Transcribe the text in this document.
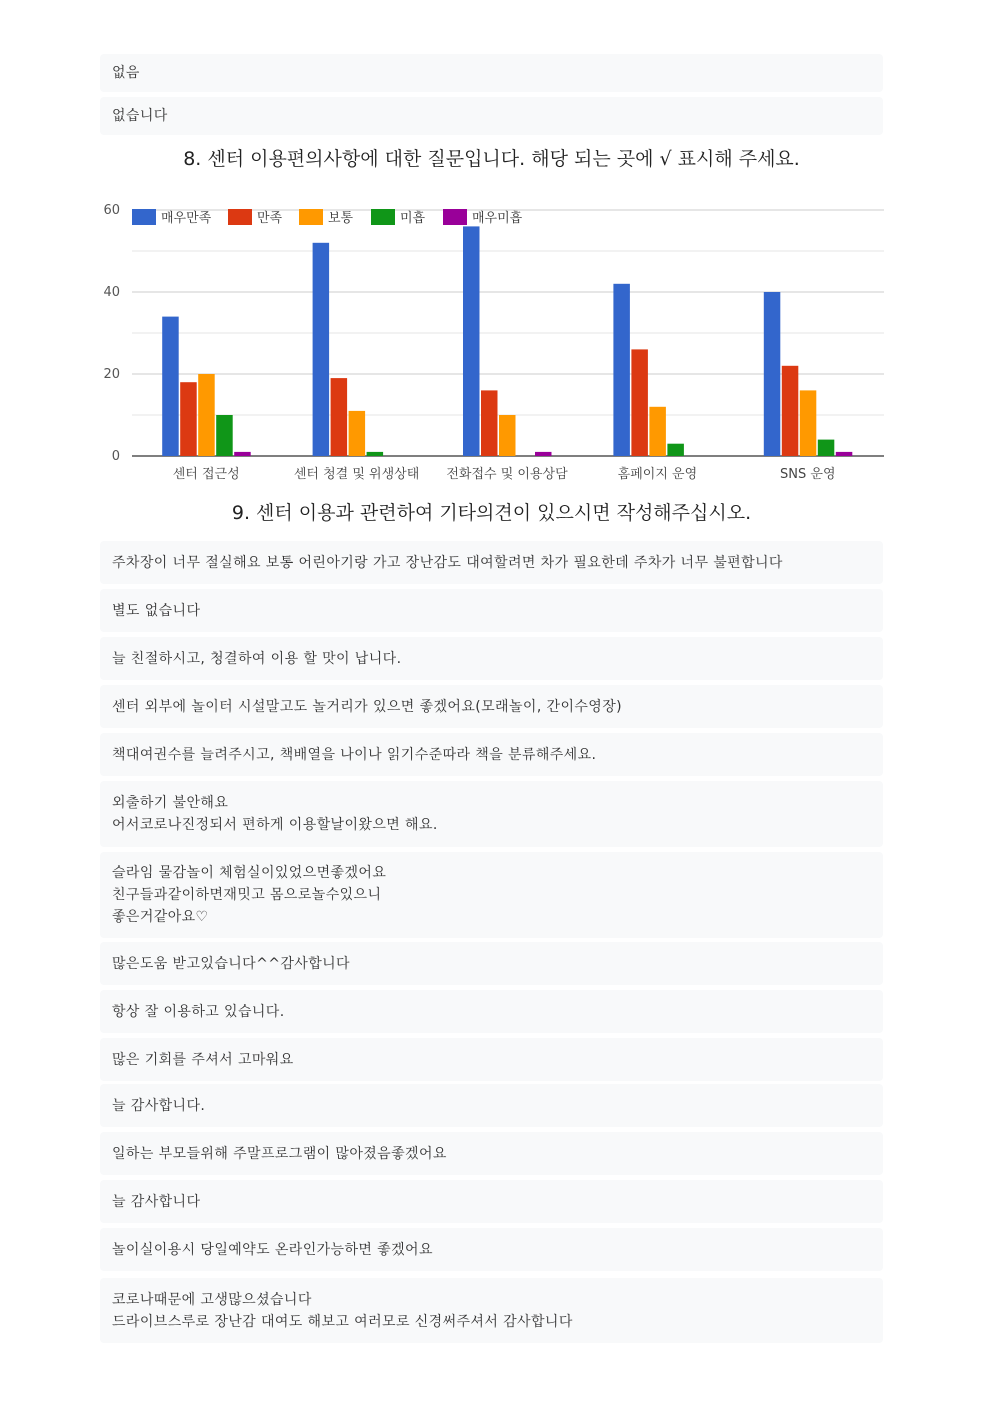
없음
없습니다
8. 센터 이용편의사항에 대한 질문입니다. 해당 되는 곳에 √ 표시해 주세요.
0
20
40
60
센터 접근성	센터 청결 및 위생상태 전화접수 및 이용상담	홈페이지 운영	SNS 운영
매우만족	만족	보통	미흡	매우미흡
9. 센터 이용과 관련하여 기타의견이 있으시면 작성해주십시오.
주차장이 너무 절실해요 보통 어린아기랑 가고 장난감도 대여할려면 차가 필요한데 주차가 너무 불편합니다
별도 없습니다
늘 친절하시고, 청결하여 이용 할 맛이 납니다.
센터 외부에 놀이터 시설말고도 놀거리가 있으면 좋겠어요(모래놀이, 간이수영장)
책대여권수를 늘려주시고, 책배열을 나이나 읽기수준따라 책을 분류해주세요.
외출하기 불안해요
어서코로나진정되서 편하게 이용할날이왔으면 해요.
슬라임 물감놀이 체험실이있었으면좋겠어요
친구들과같이하면재밋고 몸으로놀수있으니
좋은거같아요♡
많은도움 받고있습니다^^감사합니다
항상 잘 이용하고 있습니다.
많은 기회를 주셔서 고마워요
늘 감사합니다.
일하는 부모들위해 주말프로그램이 많아졌음좋겠어요
늘 감사합니다
놀이실이용시 당일예약도 온라인가능하면 좋겠어요
코로나때문에 고생많으셨습니다
드라이브스루로 장난감 대여도 해보고 여러모로 신경써주셔서 감사합니다
